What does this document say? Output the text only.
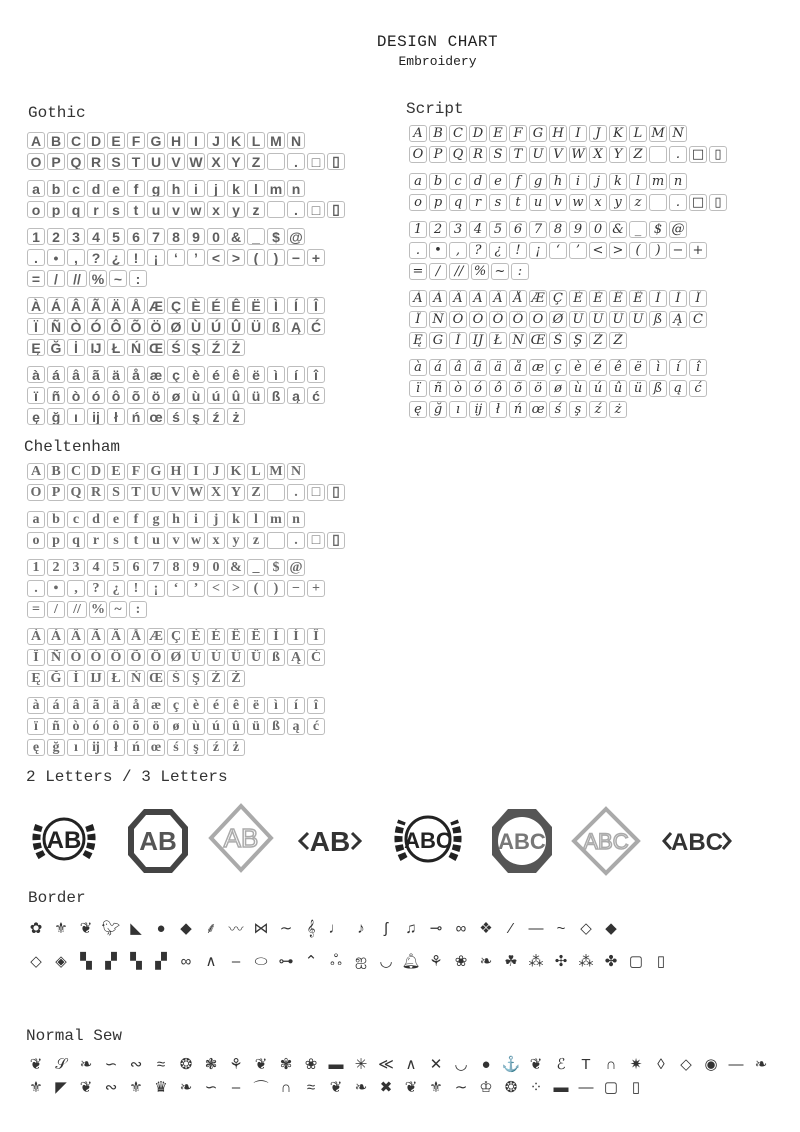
DESIGN CHART
Embroidery
Gothic	Script
Cheltenham
2 Letters / 3 Letters
Border
Normal Sew
A B C D E F G H I	J K L M N
O P Q R S T U V W X Y Z	. □ ▯
a b c d e f g h i	j	k	l m n
o p q r s t u v w x y z	. □ ▯
1 2 3 4 5 6 7 8 9 0 & _ $ @
.	•	, ? ¿ !	¡	‘	’ < > (	) − +
= /	// % ~ :
À Á Â Ã Ä Å Æ Ç È É Ê Ë Ì	Í	Î
Ï Ñ Ò Ó Ô Õ Ö Ø Ù Ú Û Ü ß Ą Ć
Ę Ğ İ Ĳ Ł Ń Œ Ś Ş Ź Ż
à á â ã ä å æ ç è é ê ë	ì	í	î
ï ñ ò ó ô õ ö ø ù ú û ü ß ą ć
ę ğ ı	ĳ	ł ń œ ś ş ź ż
A B C D E F G H I	J K L M N
O P Q R S T U V W X Y Z	. □ ▯
a b c d e	f	g h	i	j	k	l m n
o p q r	s	t	u v w x y z	. □ ▯
1 2 3 4 5 6 7 8 9 0 & _ $ @
.	•	,	?	¿	!	¡	‘	’ < > (	) − +
= /	// % ~ :
À Á Â Ã Ä Å Æ Ç È É Ê Ë Ì	Í	Î
Ï Ñ Ò Ó Ô Õ Ö Ø Ù Ú Û Ü ß Ą Ć
Ę Ğ İ Ĳ Ł Ń Œ Ś Ş Ź Ż
à á â ã ä å æ ç è é ê ë	ì	í	î
ï	ñ ò ó ô õ ö ø ù ú û ü ß ą ć
ę ğ	ı	ĳ	ł	ń œ ś	ş	ź	ż
A B C D E F G H I J K L M N
O P Q R S T U V W X Y Z	.	□ ▯
a b c d e	f	g h	i	j k	l m n
o p q r	s	t u v w x y z	.	□ ▯
1 2 3 4 5 6 7 8 9 0 & _ $ @
.	•	,	? ¿	!	¡	‘	’ < > (	) − +
=	/	// % ~	:
À Á Â Ã Ä Å Æ Ç È É Ê Ë Ì	Í	Î
Ï Ñ Ò Ó Ô Õ Ö Ø Ù Ú Û Ü ß Ą Ć
Ę Ğ İ Ĳ Ł Ń Œ Ś Ş Ź Ż
à á â ã ä å æ ç è é ê ë	ì	í	î
ï	ñ ò ó ô õ ö ø ù ú û ü ß ą ć
ę ğ	ı	ĳ	ł	ń œ ś	ş	ź ż
AB AB AB AB ABC ABC ABC ABC
✿ ⚜ ❦ 🐦︎ ◣ ● ◆ ⸙ 〰 ⋈ ∼ 𝄞 ♩ ♪	ʃ	♫ ⊸ ∞ ❖	⁄	— ~ ◇ ◆
◇ ◈ ▚ ▞ ▚ ▞ ∞ ∧	‒ ⬭ ⊶ ⌃ ஃ ஐ ◡ 🔔︎ ⚘ ❀ ❧ ☘ ⁂ ✣ ⁂ ✤ ▢ ▯
❦ 𝒮 ❧ ∽ ∾ ≈ ❂ ❃ ⚘ ❦ ✾ ❀ ▬ ✳ ≪ ∧ ✕ ◡ ● ⚓ ❦ ℰ	T	∩ ✷	◊	◇ ◉ ― ❧
⚜ ◤ ❦ ∾ ⚜ ♛ ❧ ∽ ‒ ⌒ ∩	≈ ❦ ❧ ✖ ❦ ⚜ ∼ ♔ ❂ ⁘ ▬ ― ▢ ▯
